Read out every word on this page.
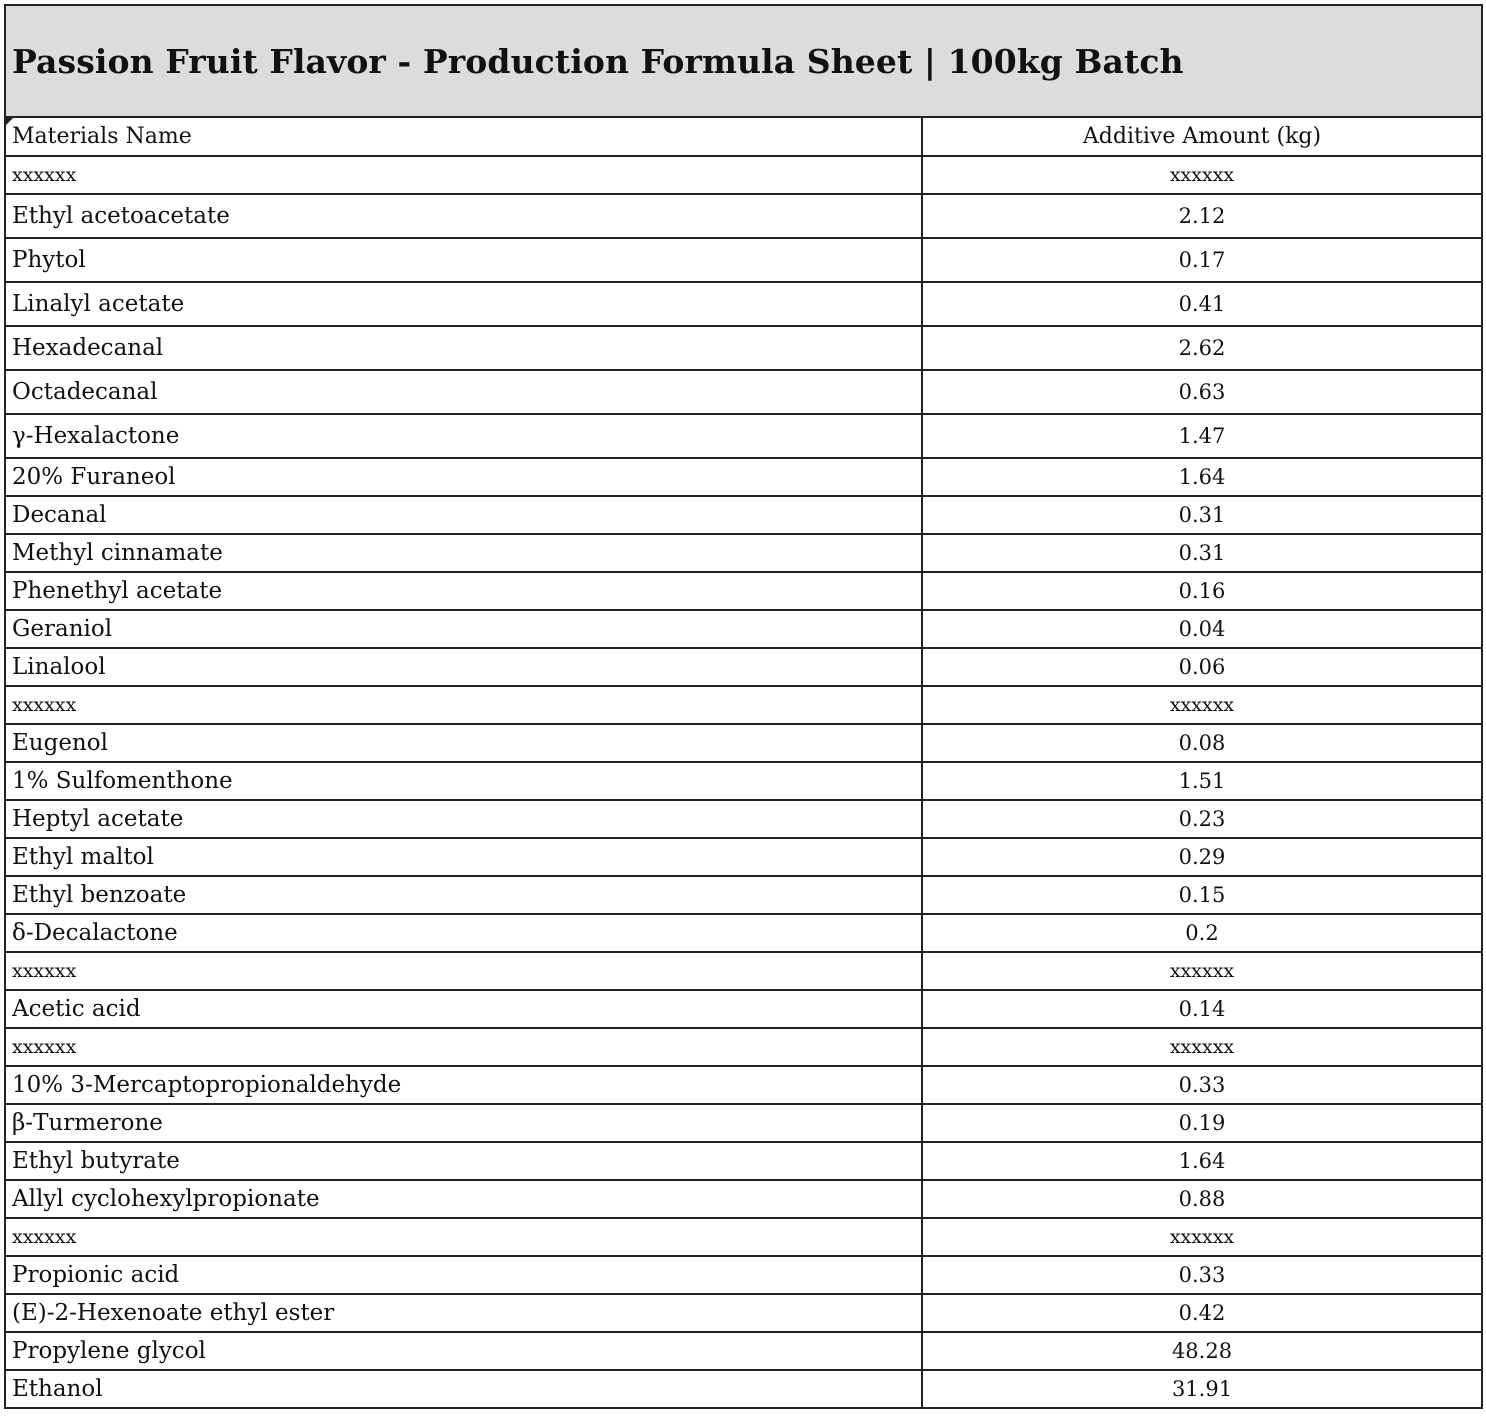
Passion Fruit Flavor - Production Formula Sheet | 100kg Batch
Materials Name	Additive Amount (kg)
xxxxxx	xxxxxx
Ethyl acetoacetate	2.12
Phytol	0.17
Linalyl acetate	0.41
Hexadecanal	2.62
Octadecanal	0.63
γ-Hexalactone	1.47
20% Furaneol	1.64
Decanal	0.31
Methyl cinnamate	0.31
Phenethyl acetate	0.16
Geraniol	0.04
Linalool	0.06
xxxxxx	xxxxxx
Eugenol	0.08
1% Sulfomenthone	1.51
Heptyl acetate	0.23
Ethyl maltol	0.29
Ethyl benzoate	0.15
δ-Decalactone	0.2
xxxxxx	xxxxxx
Acetic acid	0.14
xxxxxx	xxxxxx
10% 3-Mercaptopropionaldehyde	0.33
β-Turmerone	0.19
Ethyl butyrate	1.64
Allyl cyclohexylpropionate	0.88
xxxxxx	xxxxxx
Propionic acid	0.33
(E)-2-Hexenoate ethyl ester	0.42
Propylene glycol	48.28
Ethanol	31.91
